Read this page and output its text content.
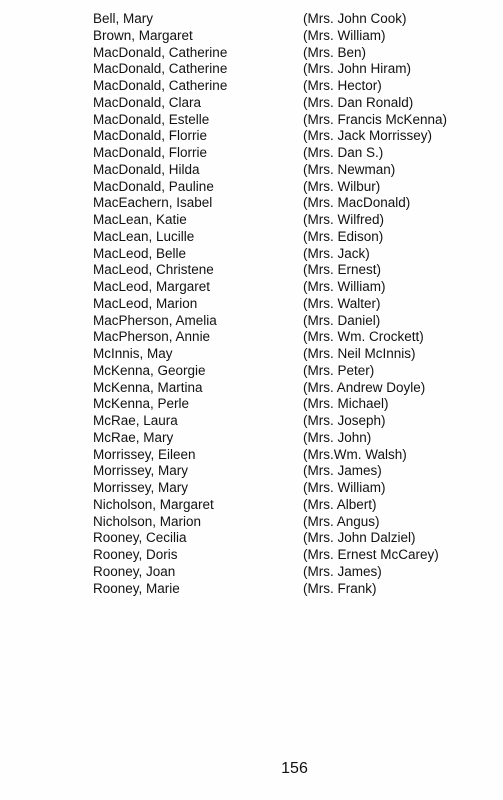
Bell, Mary	(Mrs. John Cook)
Brown, Margaret	(Mrs. William)
MacDonald, Catherine	(Mrs. Ben)
MacDonald, Catherine	(Mrs. John Hiram)
MacDonald, Catherine	(Mrs. Hector)
MacDonald, Clara	(Mrs. Dan Ronald)
MacDonald, Estelle	(Mrs. Francis McKenna)
MacDonald, Florrie	(Mrs. Jack Morrissey)
MacDonald, Florrie	(Mrs. Dan S.)
MacDonald, Hilda	(Mrs. Newman)
MacDonald, Pauline	(Mrs. Wilbur)
MacEachern, Isabel	(Mrs. MacDonald)
MacLean, Katie	(Mrs. Wilfred)
MacLean, Lucille	(Mrs. Edison)
MacLeod, Belle	(Mrs. Jack)
MacLeod, Christene	(Mrs. Ernest)
MacLeod, Margaret	(Mrs. William)
MacLeod, Marion	(Mrs. Walter)
MacPherson, Amelia	(Mrs. Daniel)
MacPherson, Annie	(Mrs. Wm. Crockett)
McInnis, May	(Mrs. Neil McInnis)
McKenna, Georgie	(Mrs. Peter)
McKenna, Martina	(Mrs. Andrew Doyle)
McKenna, Perle	(Mrs. Michael)
McRae, Laura	(Mrs. Joseph)
McRae, Mary	(Mrs. John)
Morrissey, Eileen	(Mrs.Wm. Walsh)
Morrissey, Mary	(Mrs. James)
Morrissey, Mary	(Mrs. William)
Nicholson, Margaret	(Mrs. Albert)
Nicholson, Marion	(Mrs. Angus)
Rooney, Cecilia	(Mrs. John Dalziel)
Rooney, Doris	(Mrs. Ernest McCarey)
Rooney, Joan	(Mrs. James)
Rooney, Marie	(Mrs. Frank)
156
